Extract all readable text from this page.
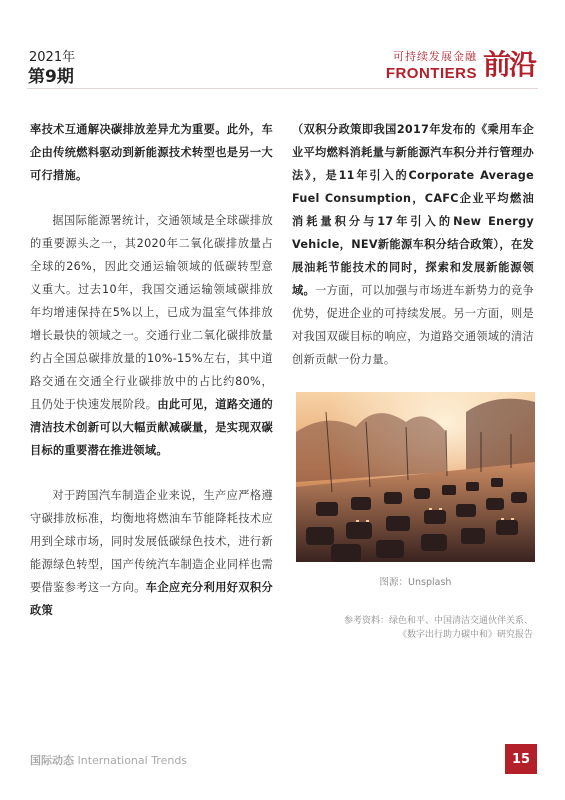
2021年
第9期
可持续发展金融
FRONTIERS 前沿

率技术互通解决碳排放差异尤为重要。此外，车企由传统燃料驱动到新能源技术转型也是另一大可行措施。

据国际能源署统计，交通领域是全球碳排放的重要源头之一，其2020年二氧化碳排放量占全球的26%，因此交通运输领域的低碳转型意义重大。过去10年，我国交通运输领域碳排放年均增速保持在5%以上，已成为温室气体排放增长最快的领域之一。交通行业二氧化碳排放量约占全国总碳排放量的10%-15%左右，其中道路交通在交通全行业碳排放中的占比约80%，且仍处于快速发展阶段。由此可见，道路交通的清洁技术创新可以大幅贡献减碳量，是实现双碳目标的重要潜在推进领域。

对于跨国汽车制造企业来说，生产应严格遵守碳排放标准，均衡地将燃油车节能降耗技术应用到全球市场，同时发展低碳绿色技术，进行新能源绿色转型，国产传统汽车制造企业同样也需要借鉴参考这一方向。车企应充分利用好双积分政策

（双积分政策即我国2017年发布的《乘用车企业平均燃料消耗量与新能源汽车积分并行管理办法》，是11年引入的Corporate Average Fuel Consumption，CAFC企业平均燃油消耗量积分与17年引入的New Energy Vehicle，NEV新能源车积分结合政策），在发展油耗节能技术的同时，探索和发展新能源领域。一方面，可以加强与市场进车新势力的竞争优势，促进企业的可持续发展。另一方面，则是对我国双碳目标的响应，为道路交通领域的清洁创新贡献一份力量。

图源：Unsplash
参考资料：绿色和平、中国清洁交通伙伴关系、
《数字出行助力碳中和》研究报告
国际动态 International Trends	15
